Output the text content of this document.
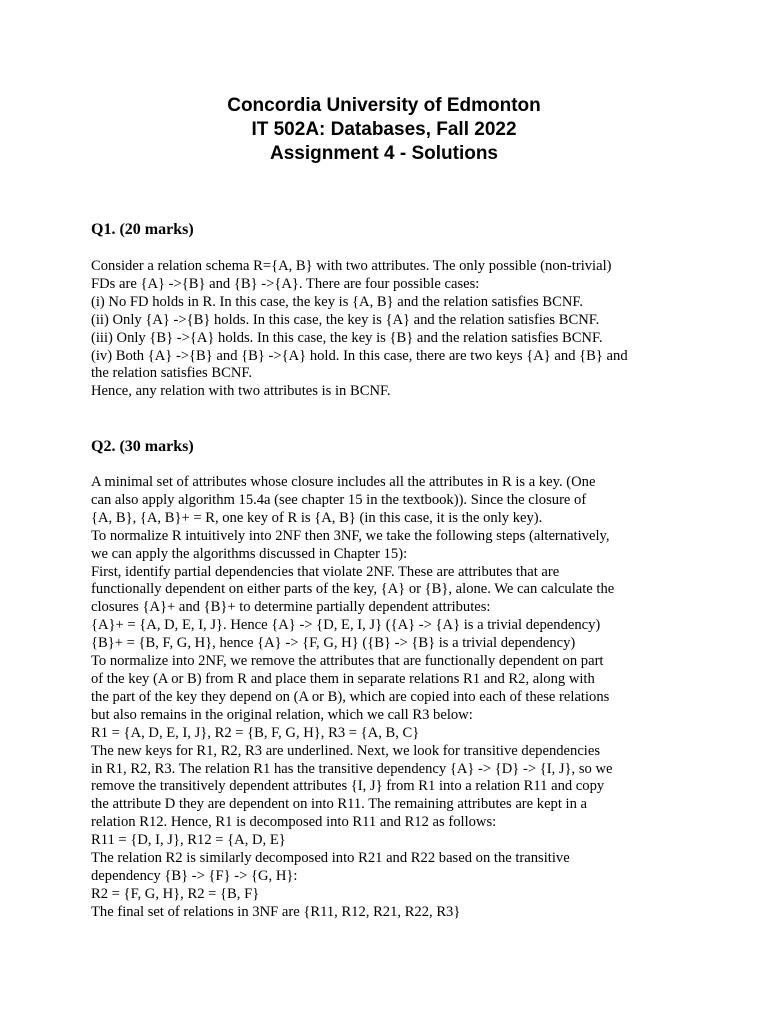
Concordia University of Edmonton
IT 502A: Databases, Fall 2022
Assignment 4 - Solutions
Q1. (20 marks)
Consider a relation schema R={A, B} with two attributes. The only possible (non-trivial)
FDs are {A} ->{B} and {B} ->{A}. There are four possible cases:
(i) No FD holds in R. In this case, the key is {A, B} and the relation satisfies BCNF.
(ii) Only {A} ->{B} holds. In this case, the key is {A} and the relation satisfies BCNF.
(iii) Only {B} ->{A} holds. In this case, the key is {B} and the relation satisfies BCNF.
(iv) Both {A} ->{B} and {B} ->{A} hold. In this case, there are two keys {A} and {B} and
the relation satisfies BCNF.
Hence, any relation with two attributes is in BCNF.
Q2. (30 marks)
A minimal set of attributes whose closure includes all the attributes in R is a key. (One
can also apply algorithm 15.4a (see chapter 15 in the textbook)). Since the closure of
{A, B}, {A, B}+ = R, one key of R is {A, B} (in this case, it is the only key).
To normalize R intuitively into 2NF then 3NF, we take the following steps (alternatively,
we can apply the algorithms discussed in Chapter 15):
First, identify partial dependencies that violate 2NF. These are attributes that are
functionally dependent on either parts of the key, {A} or {B}, alone. We can calculate the
closures {A}+ and {B}+ to determine partially dependent attributes:
{A}+ = {A, D, E, I, J}. Hence {A} -> {D, E, I, J} ({A} -> {A} is a trivial dependency)
{B}+ = {B, F, G, H}, hence {A} -> {F, G, H} ({B} -> {B} is a trivial dependency)
To normalize into 2NF, we remove the attributes that are functionally dependent on part
of the key (A or B) from R and place them in separate relations R1 and R2, along with
the part of the key they depend on (A or B), which are copied into each of these relations
but also remains in the original relation, which we call R3 below:
R1 = {A, D, E, I, J}, R2 = {B, F, G, H}, R3 = {A, B, C}
The new keys for R1, R2, R3 are underlined. Next, we look for transitive dependencies
in R1, R2, R3. The relation R1 has the transitive dependency {A} -> {D} -> {I, J}, so we
remove the transitively dependent attributes {I, J} from R1 into a relation R11 and copy
the attribute D they are dependent on into R11. The remaining attributes are kept in a
relation R12. Hence, R1 is decomposed into R11 and R12 as follows:
R11 = {D, I, J}, R12 = {A, D, E}
The relation R2 is similarly decomposed into R21 and R22 based on the transitive
dependency {B} -> {F} -> {G, H}:
R2 = {F, G, H}, R2 = {B, F}
The final set of relations in 3NF are {R11, R12, R21, R22, R3}
